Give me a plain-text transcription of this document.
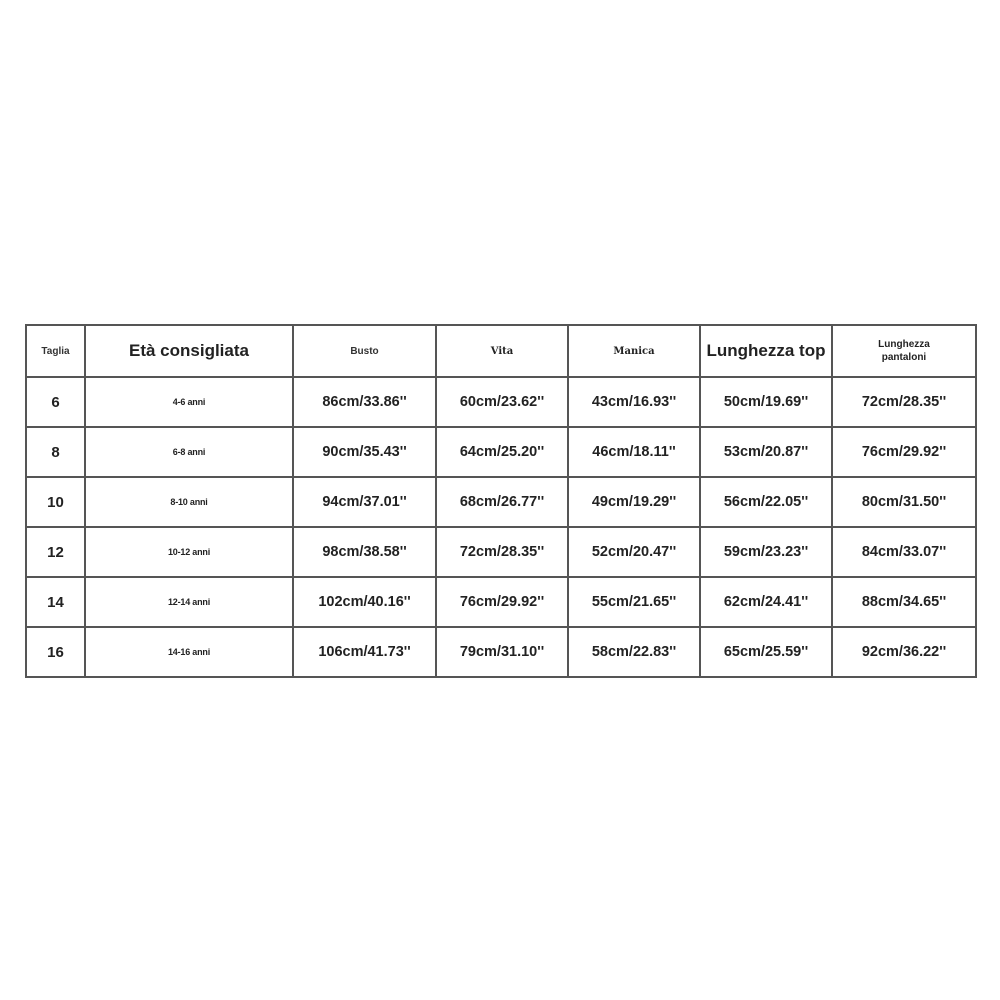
Taglia	Età consigliata	Busto	Vita	Manica	Lunghezza top	Lunghezza
pantaloni

6	4-6 anni	86cm/33.86''	60cm/23.62''	43cm/16.93''	50cm/19.69''	72cm/28.35''
8	6-8 anni	90cm/35.43''	64cm/25.20''	46cm/18.11''	53cm/20.87''	76cm/29.92''
10	8-10 anni	94cm/37.01''	68cm/26.77''	49cm/19.29''	56cm/22.05''	80cm/31.50''
12	10-12 anni	98cm/38.58''	72cm/28.35''	52cm/20.47''	59cm/23.23''	84cm/33.07''
14	12-14 anni	102cm/40.16''	76cm/29.92''	55cm/21.65''	62cm/24.41''	88cm/34.65''
16	14-16 anni	106cm/41.73''	79cm/31.10''	58cm/22.83''	65cm/25.59''	92cm/36.22''
